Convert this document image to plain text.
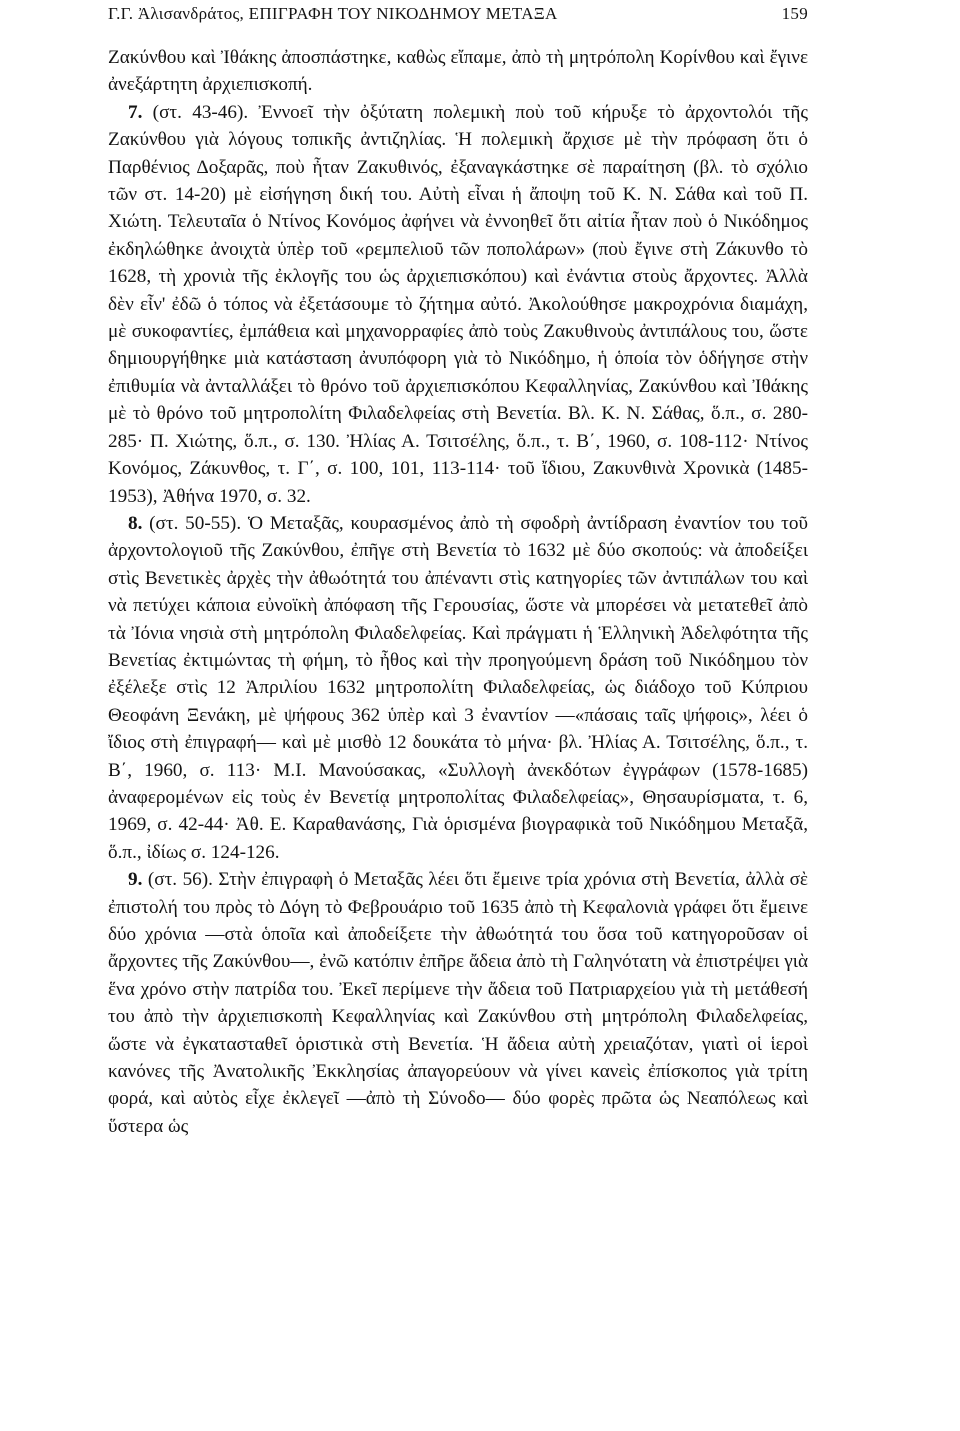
Γ.Γ. Ἀλισανδράτος, ΕΠΙΓΡΑΦΗ ΤΟΥ ΝΙΚΟΔΗΜΟΥ ΜΕΤΑΞΑ	159

Ζακύνθου καὶ Ἰθάκης ἀποσπάστηκε, καθὼς εἴπαμε, ἀπὸ τὴ μητρόπολη Κορίνθου καὶ ἔγινε ἀνεξάρτητη ἀρχιεπισκοπή.

7. (στ. 43-46). Ἐννοεῖ τὴν ὀξύτατη πολεμικὴ ποὺ τοῦ κήρυξε τὸ ἀρχοντολόι τῆς Ζακύνθου γιὰ λόγους τοπικῆς ἀντιζηλίας. Ἡ πολεμικὴ ἄρχισε μὲ τὴν πρόφαση ὅτι ὁ Παρθένιος Δοξαρᾶς, ποὺ ἦταν Ζακυθινός, ἐξαναγκάστηκε σὲ παραίτηση (βλ. τὸ σχόλιο τῶν στ. 14-20) μὲ εἰσήγηση δική του. Αὐτὴ εἶναι ἡ ἄποψη τοῦ Κ. Ν. Σάθα καὶ τοῦ Π. Χιώτη. Τελευταῖα ὁ Ντίνος Κονόμος ἀφήνει νὰ ἐννοηθεῖ ὅτι αἰτία ἦταν ποὺ ὁ Νικόδημος ἐκδηλώθηκε ἀνοιχτὰ ὑπὲρ τοῦ «ρεμπελιοῦ τῶν ποπολάρων» (ποὺ ἔγινε στὴ Ζάκυνθο τὸ 1628, τὴ χρονιὰ τῆς ἐκλογῆς του ὡς ἀρχιεπισκόπου) καὶ ἐνάντια στοὺς ἄρχοντες. Ἀλλὰ δὲν εἶν' ἐδῶ ὁ τόπος νὰ ἐξετάσουμε τὸ ζήτημα αὐτό. Ἀκολούθησε μακροχρόνια διαμάχη, μὲ συκοφαντίες, ἐμπάθεια καὶ μηχανορραφίες ἀπὸ τοὺς Ζακυθινοὺς ἀντιπάλους του, ὥστε δημιουργήθηκε μιὰ κατάσταση ἀνυπόφορη γιὰ τὸ Νικόδημο, ἡ ὁποία τὸν ὁδήγησε στὴν ἐπιθυμία νὰ ἀνταλλάξει τὸ θρόνο τοῦ ἀρχιεπισκόπου Κεφαλληνίας, Ζακύνθου καὶ Ἰθάκης μὲ τὸ θρόνο τοῦ μητροπολίτη Φιλαδελφείας στὴ Βενετία. Βλ. Κ. Ν. Σάθας, ὅ.π., σ. 280-285· Π. Χιώτης, ὅ.π., σ. 130. Ἠλίας Α. Τσιτσέλης, ὅ.π., τ. Β΄, 1960, σ. 108-112· Ντίνος Κονόμος, Ζάκυνθος, τ. Γ΄, σ. 100, 101, 113-114· τοῦ ἴδιου, Ζακυνθινὰ Χρονικὰ (1485-1953), Ἀθήνα 1970, σ. 32.

8. (στ. 50-55). Ὁ Μεταξᾶς, κουρασμένος ἀπὸ τὴ σφοδρὴ ἀντίδραση ἐναντίον του τοῦ ἀρχοντολογιοῦ τῆς Ζακύνθου, ἐπῆγε στὴ Βενετία τὸ 1632 μὲ δύο σκοπούς: νὰ ἀποδείξει στὶς Βενετικὲς ἀρχὲς τὴν ἀθωότητά του ἀπέναντι στὶς κατηγορίες τῶν ἀντιπάλων του καὶ νὰ πετύχει κάποια εὐνοϊκὴ ἀπόφαση τῆς Γερουσίας, ὥστε νὰ μπορέσει νὰ μετατεθεῖ ἀπὸ τὰ Ἰόνια νησιὰ στὴ μητρόπολη Φιλαδελφείας. Καὶ πράγματι ἡ Ἑλληνικὴ Ἀδελφότητα τῆς Βενετίας ἐκτιμώντας τὴ φήμη, τὸ ἦθος καὶ τὴν προηγούμενη δράση τοῦ Νικόδημου τὸν ἐξέλεξε στὶς 12 Ἀπριλίου 1632 μητροπολίτη Φιλαδελφείας, ὡς διάδοχο τοῦ Κύπριου Θεοφάνη Ξενάκη, μὲ ψήφους 362 ὑπὲρ καὶ 3 ἐναντίον —«πάσαις ταῖς ψήφοις», λέει ὁ ἴδιος στὴ ἐπιγραφή— καὶ μὲ μισθὸ 12 δουκάτα τὸ μήνα· βλ. Ἠλίας Α. Τσιτσέλης, ὅ.π., τ. Β΄, 1960, σ. 113· Μ.Ι. Μανούσακας, «Συλλογὴ ἀνεκδότων ἐγγράφων (1578-1685) ἀναφερομένων εἰς τοὺς ἐν Βενετίᾳ μητροπολίτας Φιλαδελφείας», Θησαυρίσματα, τ. 6, 1969, σ. 42-44· Ἀθ. Ε. Καραθανάσης, Γιὰ ὁρισμένα βιογραφικὰ τοῦ Νικόδημου Μεταξᾶ, ὅ.π., ἰδίως σ. 124-126.

9. (στ. 56). Στὴν ἐπιγραφὴ ὁ Μεταξᾶς λέει ὅτι ἔμεινε τρία χρόνια στὴ Βενετία, ἀλλὰ σὲ ἐπιστολή του πρὸς τὸ Δόγη τὸ Φεβρουάριο τοῦ 1635 ἀπὸ τὴ Κεφαλονιὰ γράφει ὅτι ἔμεινε δύο χρόνια —στὰ ὁποῖα καὶ ἀποδείξετε τὴν ἀθωότητά του ὅσα τοῦ κατηγοροῦσαν οἱ ἄρχοντες τῆς Ζακύνθου—, ἐνῶ κατόπιν ἐπῆρε ἄδεια ἀπὸ τὴ Γαληνότατη νὰ ἐπιστρέψει γιὰ ἕνα χρόνο στὴν πατρίδα του. Ἐκεῖ περίμενε τὴν ἄδεια τοῦ Πατριαρχείου γιὰ τὴ μετάθεσή του ἀπὸ τὴν ἀρχιεπισκοπὴ Κεφαλληνίας καὶ Ζακύνθου στὴ μητρόπολη Φιλαδελφείας, ὥστε νὰ ἐγκατασταθεῖ ὁριστικὰ στὴ Βενετία. Ἡ ἄδεια αὐτὴ χρειαζόταν, γιατὶ οἱ ἱεροὶ κανόνες τῆς Ἀνατολικῆς Ἐκκλησίας ἀπαγορεύουν νὰ γίνει κανεὶς ἐπίσκοπος γιὰ τρίτη φορά, καὶ αὐτὸς εἶχε ἐκλεγεῖ —ἀπὸ τὴ Σύνοδο— δύο φορὲς πρῶτα ὡς Νεαπόλεως καὶ ὕστερα ὡς
